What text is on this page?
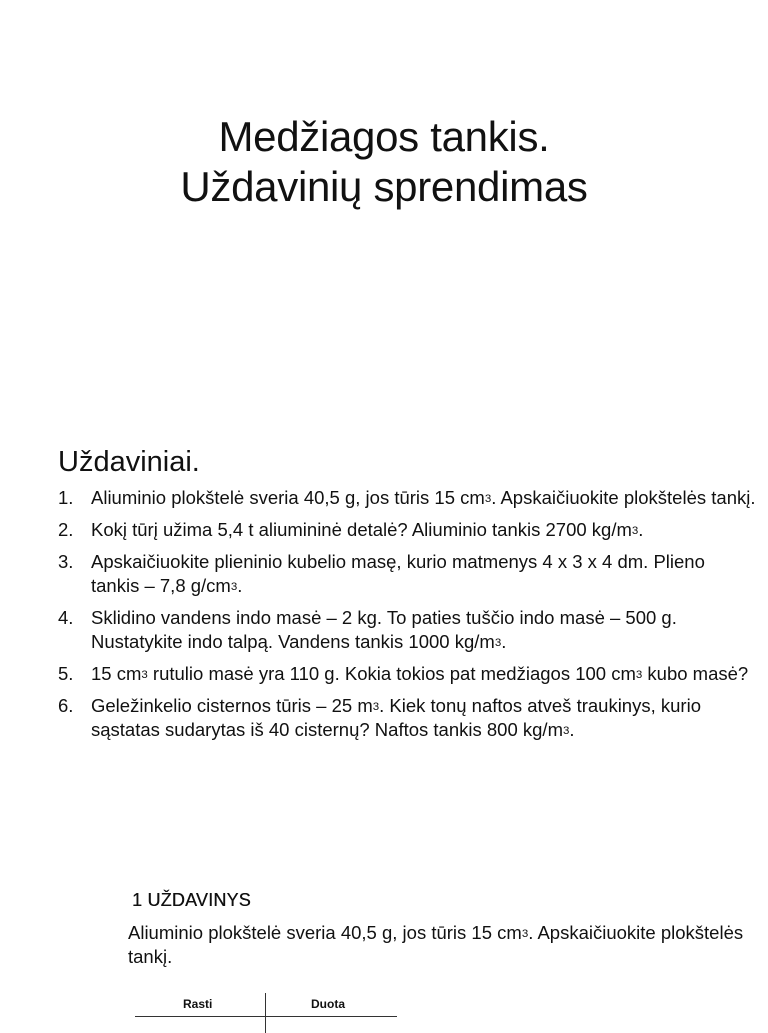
Medžiagos tankis.
Uždavinių sprendimas
Uždaviniai.
1. Aliuminio plokštelė sveria 40,5 g, jos tūris 15 $cm^3$. Apskaičiuokite plokštelės tankį.
2. Kokį tūrį užima 5,4 t aliumininė detalė? Aliuminio tankis 2700 $kg/m^3$.
3. Apskaičiuokite plieninio kubelio masę, kurio matmenys 4 x 3 x 4 dm. Plieno tankis – 7,8 $g/cm^3$.
4. Sklidino vandens indo masė – 2 kg. To paties tuščio indo masė – 500 g. Nustatykite indo talpą. Vandens tankis 1000 $kg/m^3$.
5. 15 $cm^3$ rutulio masė yra 110 g. Kokia tokios pat medžiagos 100 $cm^3$ kubo masė?
6. Geležinkelio cisternos tūris – 25 $m^3$. Kiek tonų naftos atveš traukinys, kurio sąstatas sudarytas iš 40 cisternų? Naftos tankis 800 $kg/m^3$.
1 UŽDAVINYS

Aliuminio plokštelė sveria 40,5 g, jos tūris 15 $cm^3$. Apskaičiuokite plokštelės tankį.

Rasti	Duota
